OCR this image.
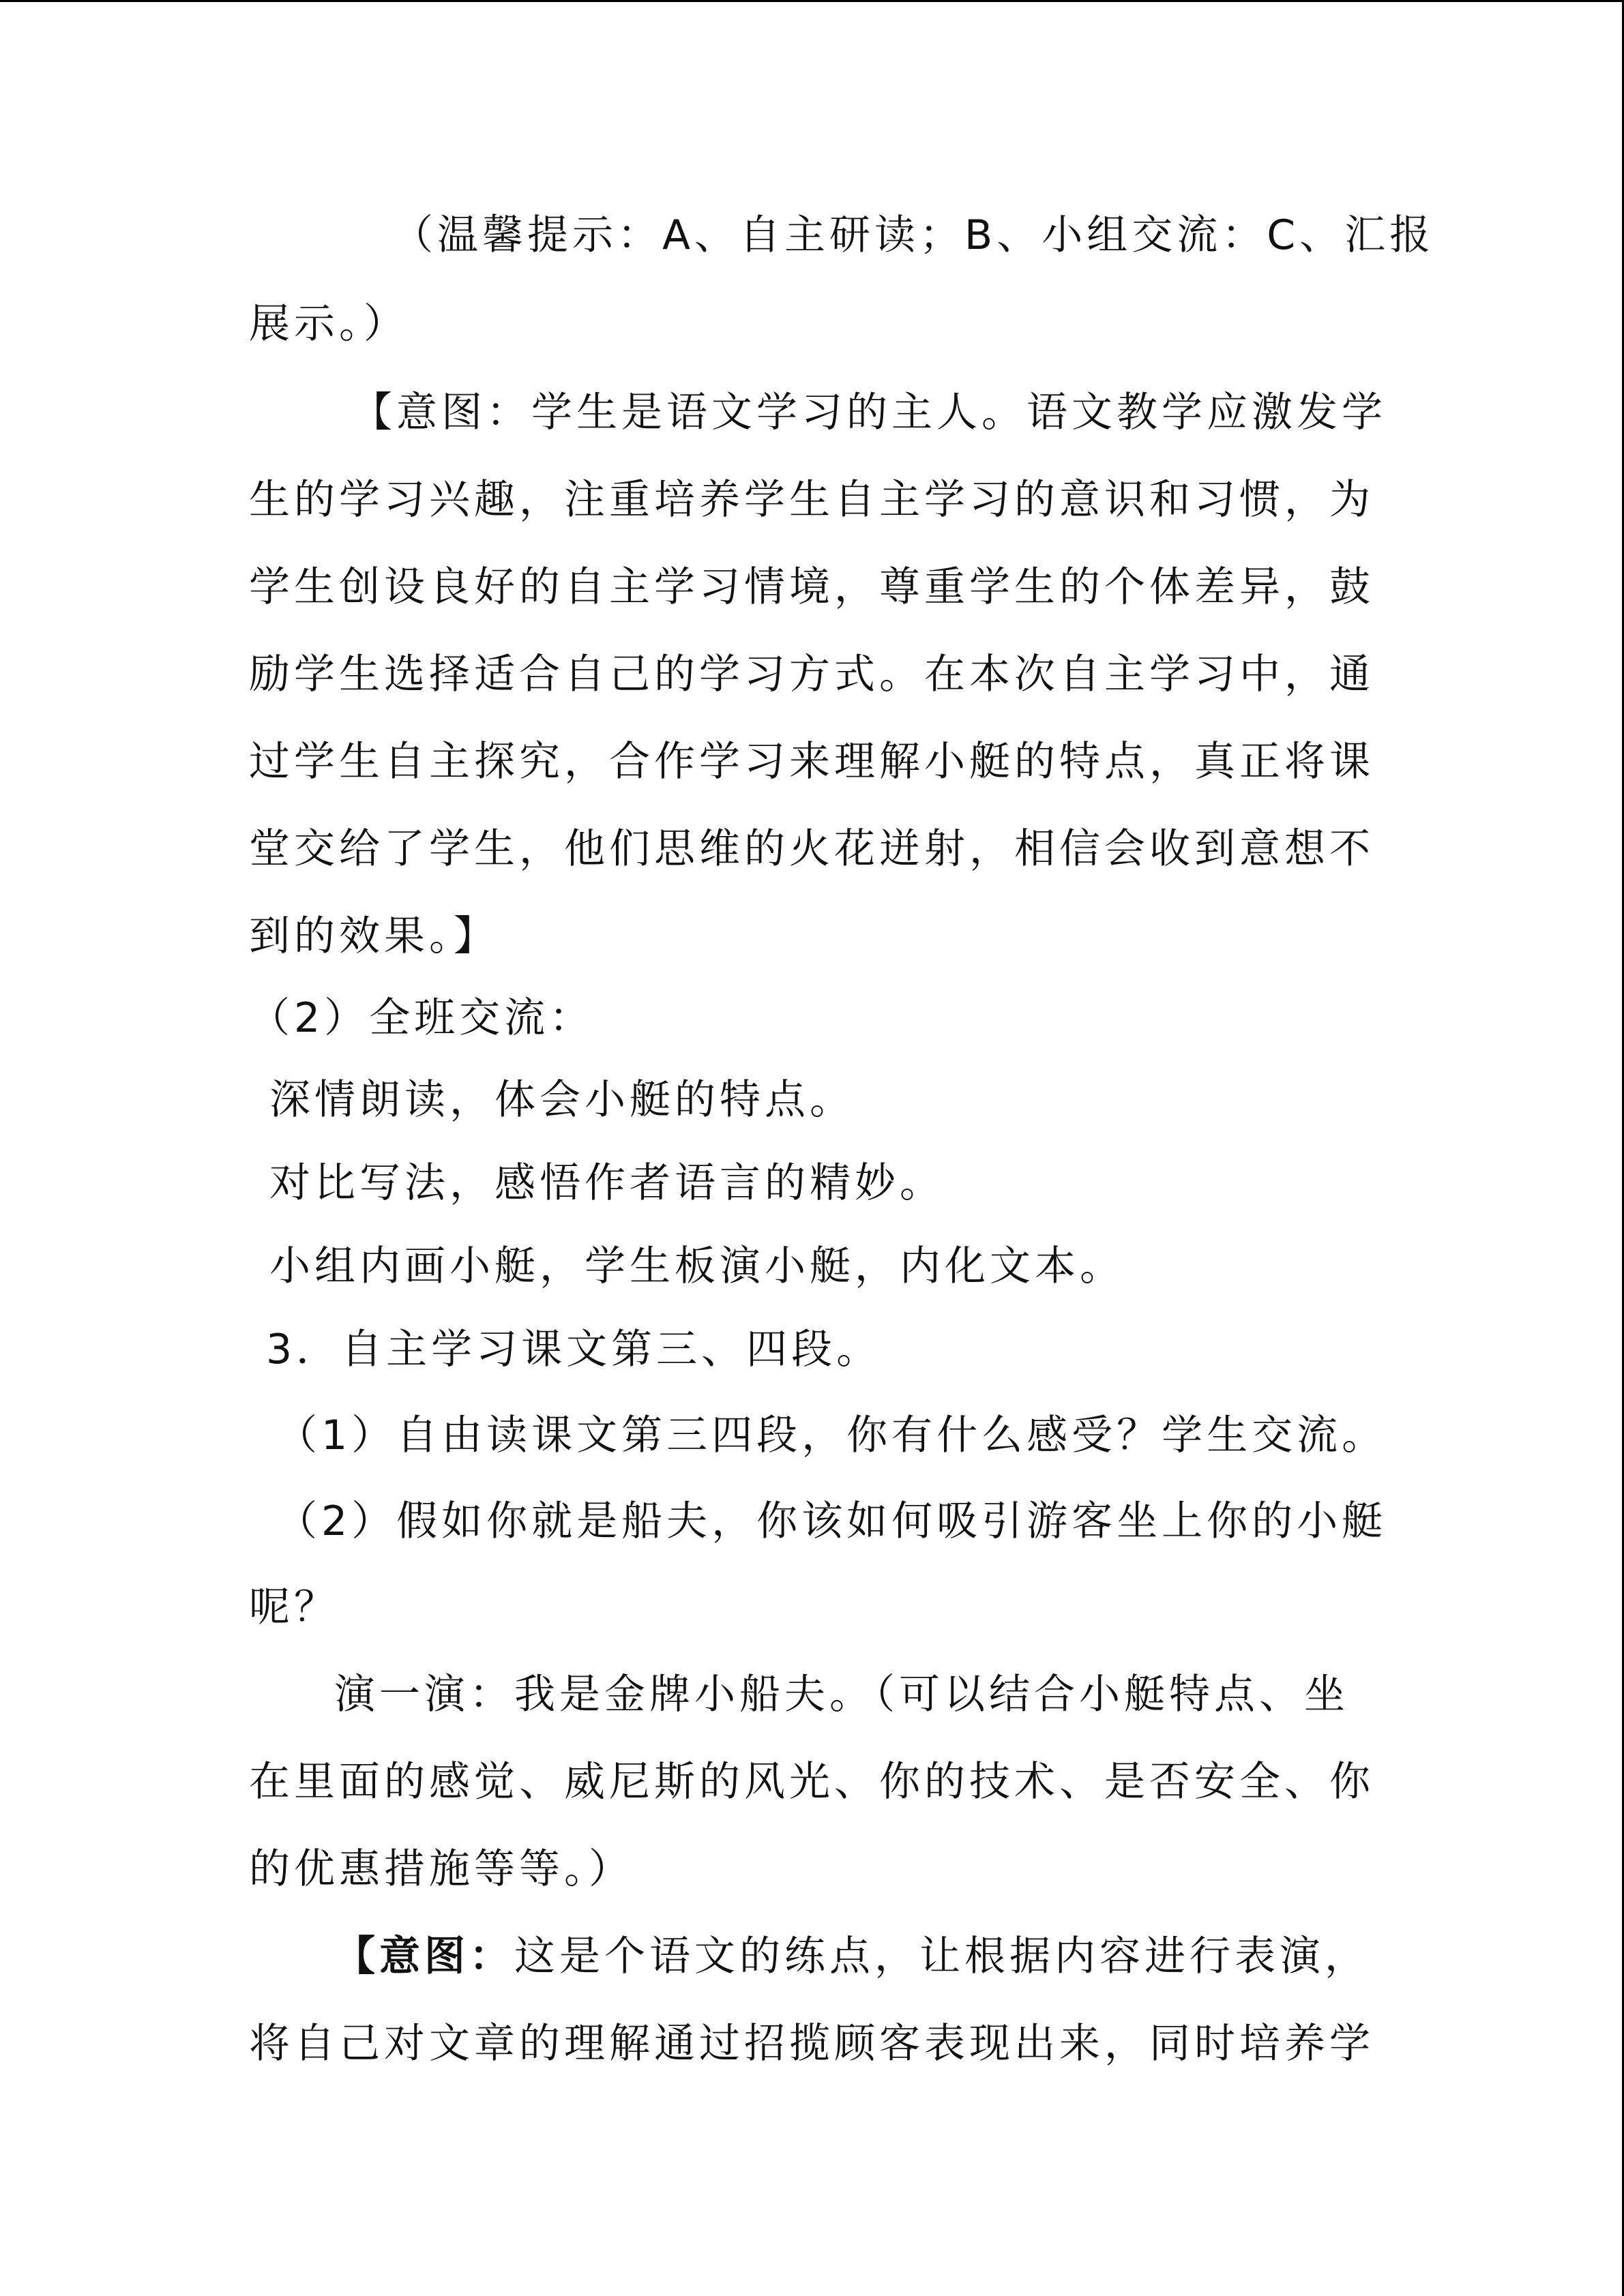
（温馨提示：A、自主研读；B、小组交流：C、汇报
展示。）
【意图：学生是语文学习的主人。语文教学应激发学
生的学习兴趣，注重培养学生自主学习的意识和习惯，为
学生创设良好的自主学习情境，尊重学生的个体差异，鼓
励学生选择适合自己的学习方式。在本次自主学习中，通
过学生自主探究，合作学习来理解小艇的特点，真正将课
堂交给了学生，他们思维的火花迸射，相信会收到意想不
到的效果。】
（2）全班交流：
深情朗读，体会小艇的特点。
对比写法，感悟作者语言的精妙。
小组内画小艇，学生板演小艇，内化文本。
3．自主学习课文第三、四段。
（1）自由读课文第三四段，你有什么感受？学生交流。
（2）假如你就是船夫，你该如何吸引游客坐上你的小艇
呢？
演一演：我是金牌小船夫。（可以结合小艇特点、坐
在里面的感觉、威尼斯的风光、你的技术、是否安全、你
的优惠措施等等。）
【意图：这是个语文的练点，让根据内容进行表演，
将自己对文章的理解通过招揽顾客表现出来，同时培养学
